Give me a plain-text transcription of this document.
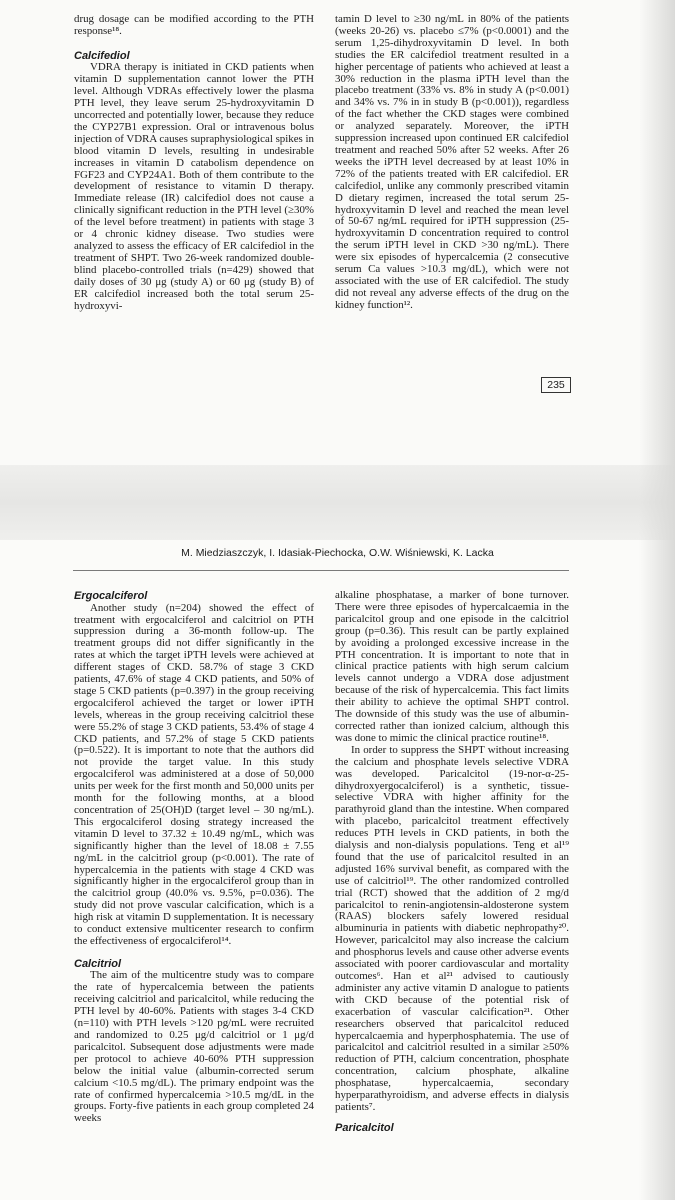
drug dosage can be modified according to the PTH response¹⁸.

Calcifediol

VDRA therapy is initiated in CKD patients when vitamin D supplementation cannot lower the PTH level. Although VDRAs effectively lower the plasma PTH level, they leave serum 25-hydroxyvitamin D uncorrected and potentially lower, because they reduce the CYP27B1 expression. Oral or intravenous bolus injection of VDRA causes supraphysiological spikes in blood vitamin D levels, resulting in undesirable increases in vitamin D catabolism dependence on FGF23 and CYP24A1. Both of them contribute to the development of resistance to vitamin D therapy. Immediate release (IR) calcifediol does not cause a clinically significant reduction in the PTH level (≥30% of the level before treatment) in patients with stage 3 or 4 chronic kidney disease. Two studies were analyzed to assess the efficacy of ER calcifediol in the treatment of SHPT. Two 26-week randomized double-blind placebo-controlled trials (n=429) showed that daily doses of 30 μg (study A) or 60 μg (study B) of ER calcifediol increased both the total serum 25-hydroxyvi-

tamin D level to ≥30 ng/mL in 80% of the patients (weeks 20-26) vs. placebo ≤7% (p<0.0001) and the serum 1,25-dihydroxyvitamin D level. In both studies the ER calcifediol treatment resulted in a higher percentage of patients who achieved at least a 30% reduction in the plasma iPTH level than the placebo treatment (33% vs. 8% in study A (p<0.001) and 34% vs. 7% in in study B (p<0.001)), regardless of the fact whether the CKD stages were combined or analyzed separately. Moreover, the iPTH suppression increased upon continued ER calcifediol treatment and reached 50% after 52 weeks. After 26 weeks the iPTH level decreased by at least 10% in 72% of the patients treated with ER calcifediol. ER calcifediol, unlike any commonly prescribed vitamin D dietary regimen, increased the total serum 25-hydroxyvitamin D level and reached the mean level of 50-67 ng/mL required for iPTH suppression (25-hydroxyvitamin D concentration required to control the serum iPTH level in CKD >30 ng/mL). There were six episodes of hypercalcemia (2 consecutive serum Ca values >10.3 mg/dL), which were not associated with the use of ER calcifediol. The study did not reveal any adverse effects of the drug on the kidney function¹².

235
M. Miedziaszczyk, I. Idasiak-Piechocka, O.W. Wiśniewski, K. Lacka

Ergocalciferol

Another study (n=204) showed the effect of treatment with ergocalciferol and calcitriol on PTH suppression during a 36-month follow-up. The treatment groups did not differ significantly in the rates at which the target iPTH levels were achieved at different stages of CKD. 58.7% of stage 3 CKD patients, 47.6% of stage 4 CKD patients, and 50% of stage 5 CKD patients (p=0.397) in the group receiving ergocalciferol achieved the target or lower iPTH levels, whereas in the group receiving calcitriol these were 55.2% of stage 3 CKD patients, 53.4% of stage 4 CKD patients, and 57.2% of stage 5 CKD patients (p=0.522). It is important to note that the authors did not provide the target value. In this study ergocalciferol was administered at a dose of 50,000 units per week for the first month and 50,000 units per month for the following months, at a blood concentration of 25(OH)D (target level – 30 ng/mL). This ergocalciferol dosing strategy increased the vitamin D level to 37.32 ± 10.49 ng/mL, which was significantly higher than the level of 18.08 ± 7.55 ng/mL in the calcitriol group (p<0.001). The rate of hypercalcemia in the patients with stage 4 CKD was significantly higher in the ergocalciferol group than in the calcitriol group (40.0% vs. 9.5%, p=0.036). The study did not prove vascular calcification, which is a high risk at vitamin D supplementation. It is necessary to conduct extensive multicenter research to confirm the effectiveness of ergocalciferol¹⁴.

Calcitriol

The aim of the multicentre study was to compare the rate of hypercalcemia between the patients receiving calcitriol and paricalcitol, while reducing the PTH level by 40-60%. Patients with stages 3-4 CKD (n=110) with PTH levels >120 pg/mL were recruited and randomized to 0.25 μg/d calcitriol or 1 μg/d paricalcitol. Subsequent dose adjustments were made per protocol to achieve 40-60% PTH suppression below the initial value (albumin-corrected serum calcium <10.5 mg/dL). The primary endpoint was the rate of confirmed hypercalcemia >10.5 mg/dL in the groups. Forty-five patients in each group completed 24 weeks

alkaline phosphatase, a marker of bone turnover. There were three episodes of hypercalcaemia in the paricalcitol group and one episode in the calcitriol group (p=0.36). This result can be partly explained by avoiding a prolonged excessive increase in the PTH concentration. It is important to note that in clinical practice patients with high serum calcium levels cannot undergo a VDRA dose adjustment because of the risk of hypercalcemia. This fact limits their ability to achieve the optimal SHPT control. The downside of this study was the use of albumin-corrected rather than ionized calcium, although this was done to mimic the clinical practice routine¹⁸.

In order to suppress the SHPT without increasing the calcium and phosphate levels selective VDRA was developed. Paricalcitol (19-nor-α-25-dihydroxyergocalciferol) is a synthetic, tissue-selective VDRA with higher affinity for the parathyroid gland than the intestine. When compared with placebo, paricalcitol treatment effectively reduces PTH levels in CKD patients, in both the dialysis and non-dialysis populations. Teng et al¹⁹ found that the use of paricalcitol resulted in an adjusted 16% survival benefit, as compared with the use of calcitriol¹⁹. The other randomized controlled trial (RCT) showed that the addition of 2 mg/d paricalcitol to renin-angiotensin-aldosterone system (RAAS) blockers safely lowered residual albuminuria in patients with diabetic nephropathy²⁰. However, paricalcitol may also increase the calcium and phosphorus levels and cause other adverse events associated with poorer cardiovascular and mortality outcomes⁶. Han et al²¹ advised to cautiously administer any active vitamin D analogue to patients with CKD because of the potential risk of exacerbation of vascular calcification²¹. Other researchers observed that paricalcitol reduced hypercalcaemia and hyperphosphatemia. The use of paricalcitol and calcitriol resulted in a similar ≥50% reduction of PTH, calcium concentration, phosphate concentration, calcium phosphate, alkaline phosphatase, hypercalcaemia, secondary hyperparathyroidism, and adverse effects in dialysis patients⁷.

Paricalcitol
